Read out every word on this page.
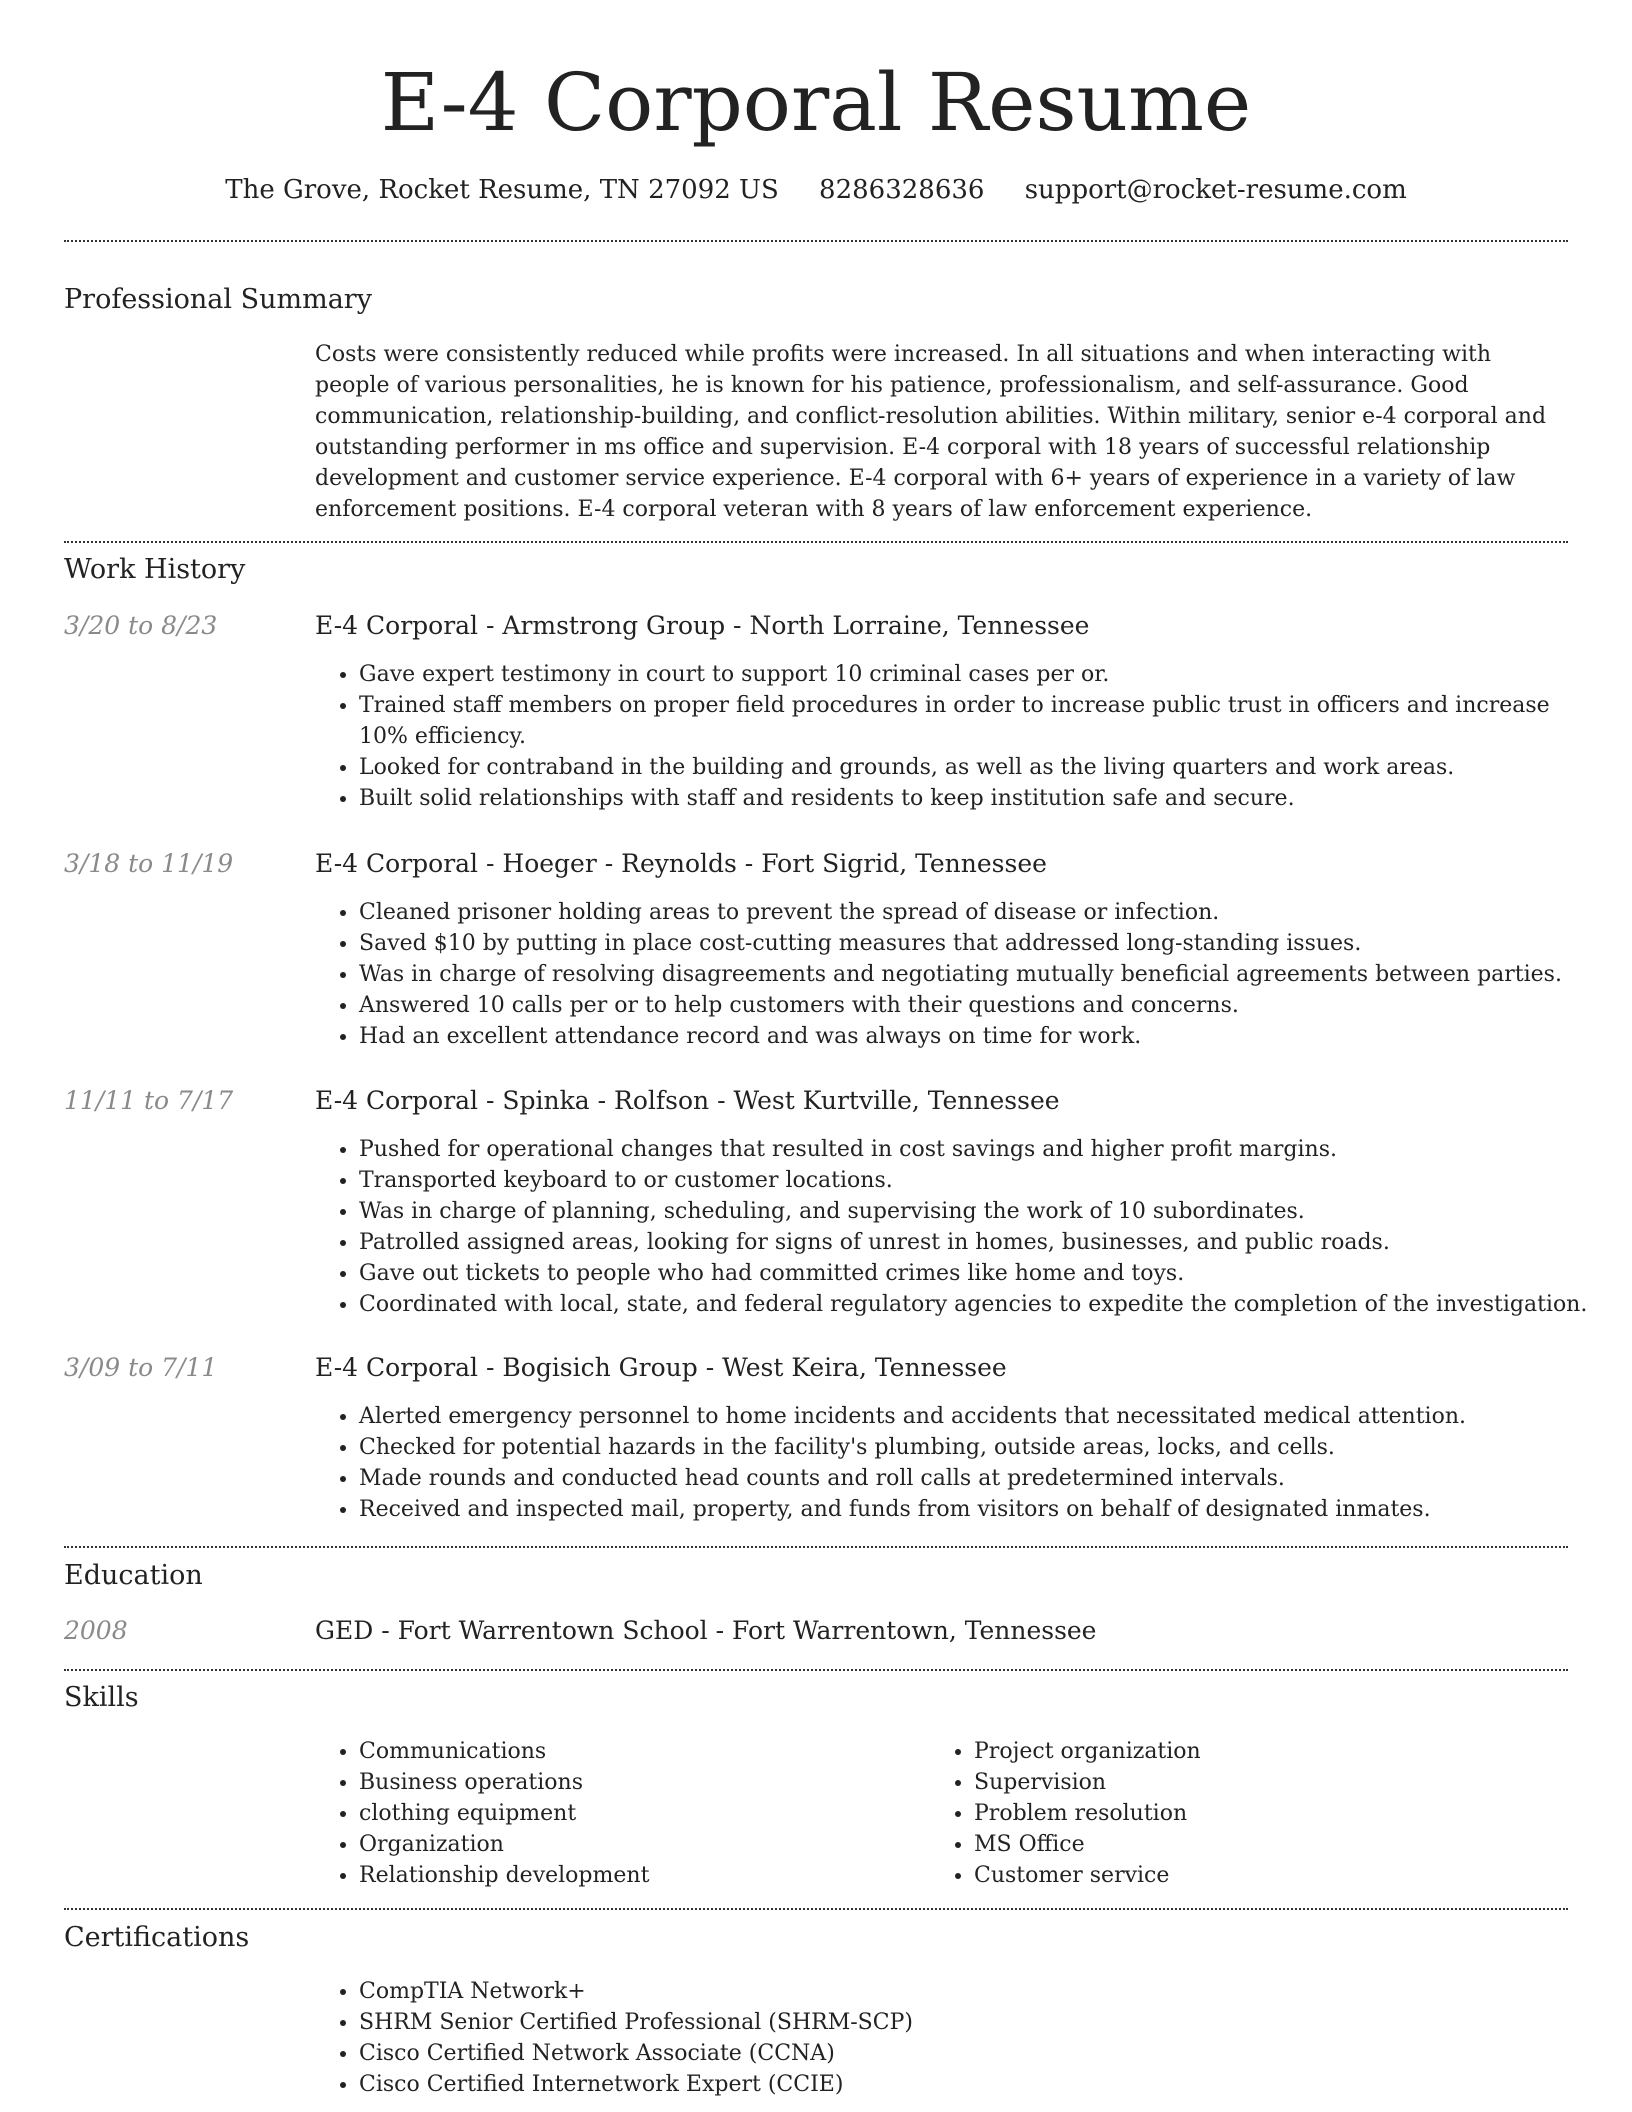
E-4 Corporal Resume
The Grove, Rocket Resume, TN 27092 US 8286328636 support@rocket-resume.com
Professional Summary

Costs were consistently reduced while profits were increased. In all situations and when interacting with people of various personalities, he is known for his patience, professionalism, and self-assurance. Good communication, relationship-building, and conflict-resolution abilities. Within military, senior e-4 corporal and outstanding performer in ms office and supervision. E-4 corporal with 18 years of successful relationship development and customer service experience. E-4 corporal with 6+ years of experience in a variety of law enforcement positions. E-4 corporal veteran with 8 years of law enforcement experience.

Work History
3/20 to 8/23	E-4 Corporal - Armstrong Group - North Lorraine, Tennessee
• Gave expert testimony in court to support 10 criminal cases per or.
• Trained staff members on proper field procedures in order to increase public trust in officers and increase 10% efficiency.
• Looked for contraband in the building and grounds, as well as the living quarters and work areas.
• Built solid relationships with staff and residents to keep institution safe and secure.
3/18 to 11/19	E-4 Corporal - Hoeger - Reynolds - Fort Sigrid, Tennessee
• Cleaned prisoner holding areas to prevent the spread of disease or infection.
• Saved $10 by putting in place cost-cutting measures that addressed long-standing issues.
• Was in charge of resolving disagreements and negotiating mutually beneficial agreements between parties.
• Answered 10 calls per or to help customers with their questions and concerns.
• Had an excellent attendance record and was always on time for work.
11/11 to 7/17	E-4 Corporal - Spinka - Rolfson - West Kurtville, Tennessee
• Pushed for operational changes that resulted in cost savings and higher profit margins.
• Transported keyboard to or customer locations.
• Was in charge of planning, scheduling, and supervising the work of 10 subordinates.
• Patrolled assigned areas, looking for signs of unrest in homes, businesses, and public roads.
• Gave out tickets to people who had committed crimes like home and toys.
• Coordinated with local, state, and federal regulatory agencies to expedite the completion of the investigation.
3/09 to 7/11	E-4 Corporal - Bogisich Group - West Keira, Tennessee
• Alerted emergency personnel to home incidents and accidents that necessitated medical attention.
• Checked for potential hazards in the facility's plumbing, outside areas, locks, and cells.
• Made rounds and conducted head counts and roll calls at predetermined intervals.
• Received and inspected mail, property, and funds from visitors on behalf of designated inmates.
Education
2008	GED - Fort Warrentown School - Fort Warrentown, Tennessee
Skills
• Communications
• Business operations
• clothing equipment
• Organization
• Relationship development
• Project organization
• Supervision
• Problem resolution
• MS Office
• Customer service
Certifications
• CompTIA Network+
• SHRM Senior Certified Professional (SHRM-SCP)
• Cisco Certified Network Associate (CCNA)
• Cisco Certified Internetwork Expert (CCIE)
